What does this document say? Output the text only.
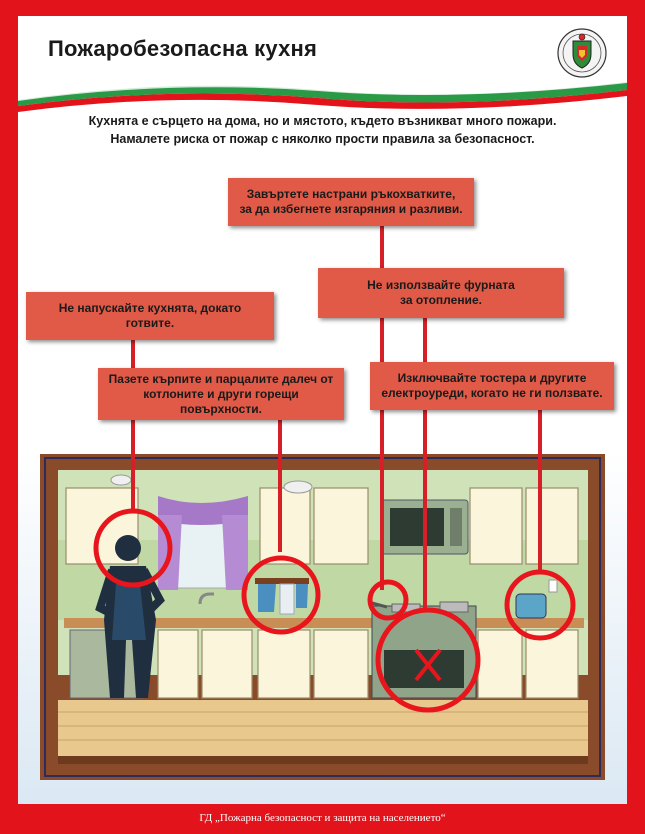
Пожаробезопасна кухня
Кухнята е сърцето на дома, но и мястото, където възникват много пожари.
Намалете риска от пожар с няколко прости правила за безопасност.
Завъртете настрани ръкохватките,
за да избегнете изгаряния и разливи.
Не използвайте фурната
за отопление.
Не напускайте кухнята, докато
готвите.
Пазете кърпите и парцалите далеч от
котлоните и други горещи
повърхности.
Изключвайте тостера и другите
електроуреди, когато не ги ползвате.
ГД „Пожарна безопасност и защита на населението“
